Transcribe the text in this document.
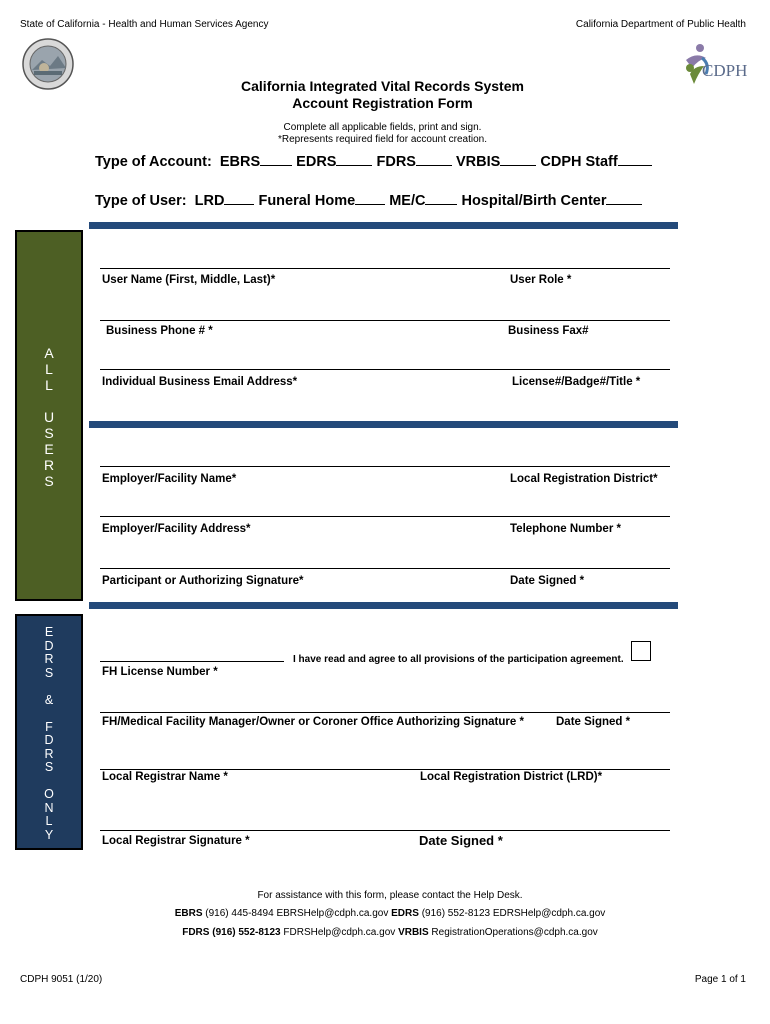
State of California - Health and Human Services Agency	California Department of Public Health
CDPH
California Integrated Vital Records System
Account Registration Form
Complete all applicable fields, print and sign.
*Represents required field for account creation.
Type of Account: EBRS EDRS	FDRS	VRBIS	CDPH Staff
Type of User: LRD Funeral Home ME/C Hospital/Birth Center
A
L
L
U
S
E
R
S
User Name (First, Middle, Last)*	User Role *
Business Phone # *	Business Fax#
Individual Business Email Address*	License#/Badge#/Title *
Employer/Facility Name*	Local Registration District*
Employer/Facility Address*	Telephone Number *
Participant or Authorizing Signature*	Date Signed *
E
D
R
S
&
F
D
R
S
O
N
L
Y
FH License Number *
I have read and agree to all provisions of the participation agreement.
FH/Medical Facility Manager/Owner or Coroner Office Authorizing Signature *	Date Signed *
Local Registrar Name *	Local Registration District (LRD)*
Local Registrar Signature *	Date Signed *
For assistance with this form, please contact the Help Desk.
EBRS (916) 445-8494 EBRSHelp@cdph.ca.gov EDRS (916) 552-8123 EDRSHelp@cdph.ca.gov
FDRS (916) 552-8123 FDRSHelp@cdph.ca.gov VRBIS RegistrationOperations@cdph.ca.gov
CDPH 9051 (1/20)	Page 1 of 1
